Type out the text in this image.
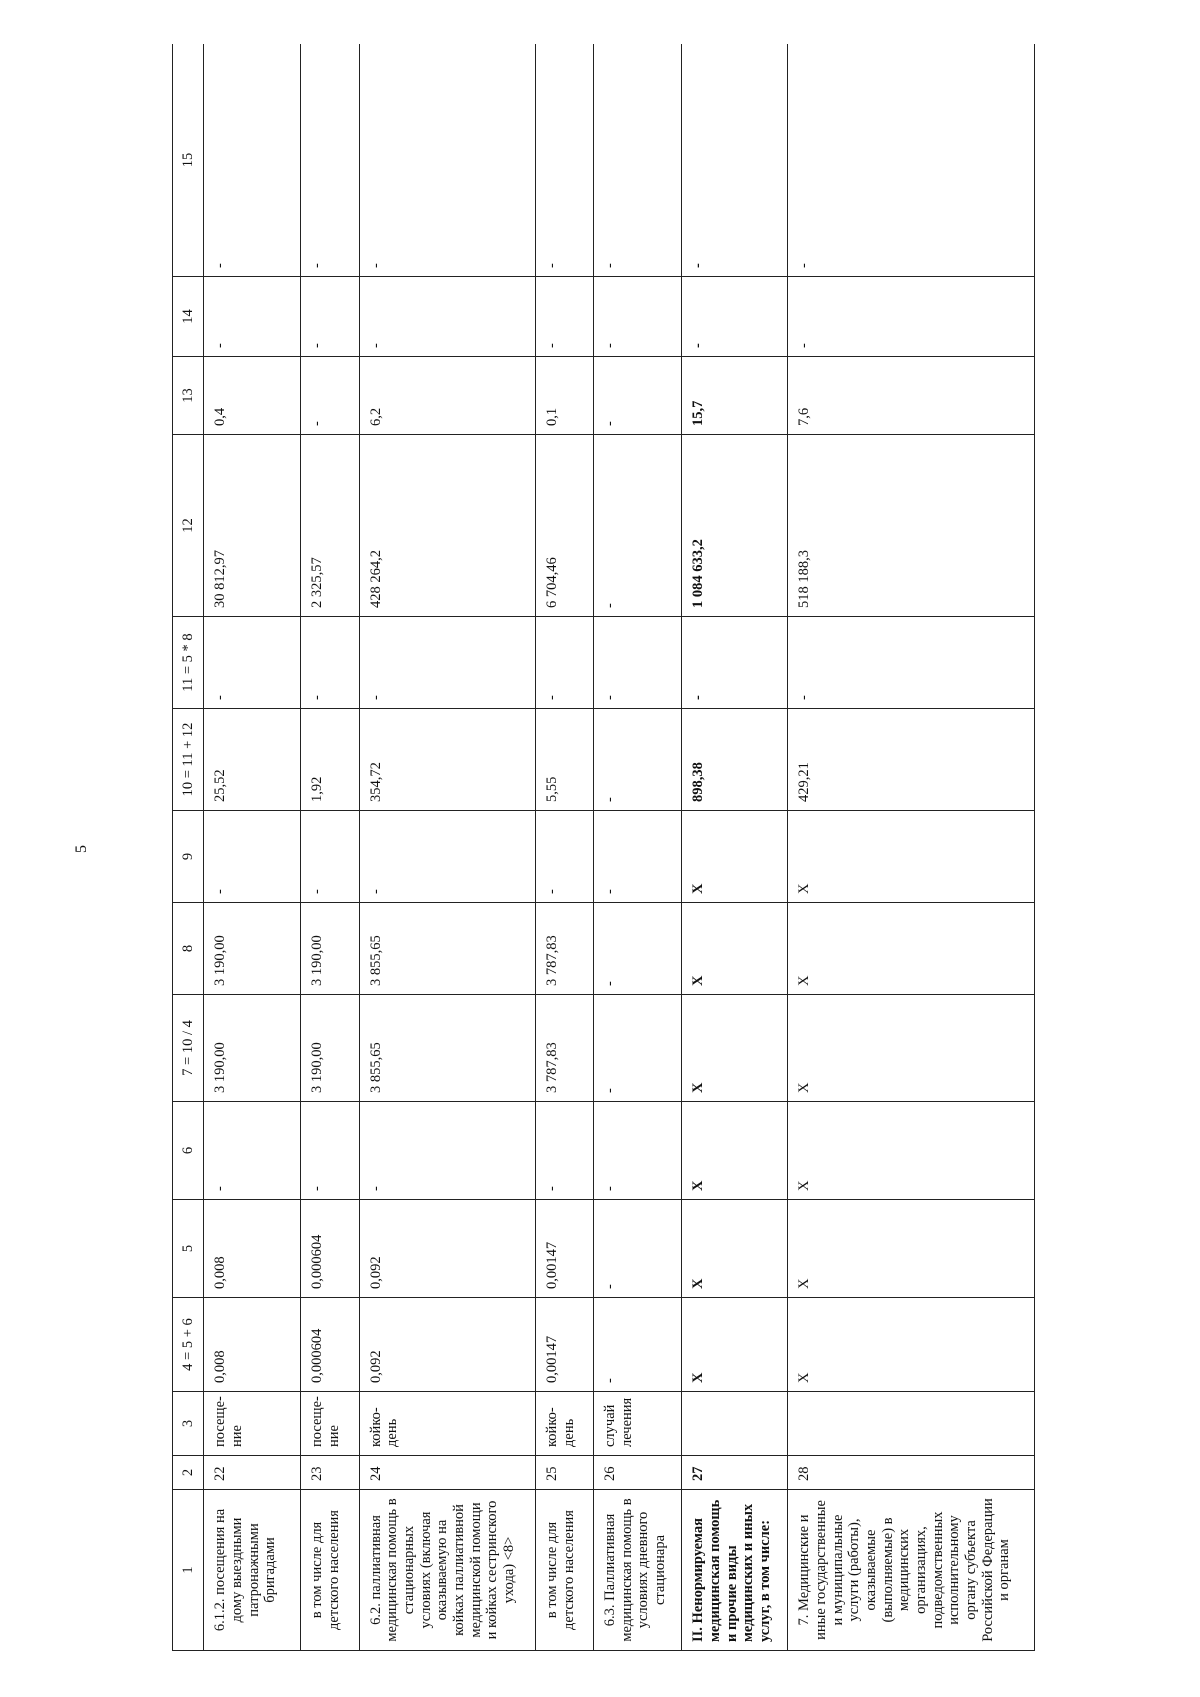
5
1	2	3	4 = 5 + 6	5	6	7 = 10 / 4	8	9	10 = 11 + 12	11 = 5 * 8	12	13	14	15
6.1.2. посещения на дому выездными патронажными бригадами	22	посеще-ние	0,008	0,008	-	3 190,00	3 190,00	-	25,52	-	30 812,97	0,4	-	-
в том числе для детского населения	23	посеще-ние	0,000604	0,000604	-	3 190,00	3 190,00	-	1,92	-	2 325,57	-	-	-
6.2. паллиативная медицинская помощь в стационарных условиях (включая оказываемую на койках паллиативной медицинской помощи и койках сестринского ухода) <8>	24	койко-день	0,092	0,092	-	3 855,65	3 855,65	-	354,72	-	428 264,2	6,2	-	-
в том числе для детского населения	25	койко-день	0,00147	0,00147	-	3 787,83	3 787,83	-	5,55	-	6 704,46	0,1	-	-
6.3. Паллиативная медицинская помощь в условиях дневного стационара	26	случай лечения	-	-	-	-	-	-	-	-	-	-	-	-
II. Ненормируемая медицинская помощь и прочие виды медицинских и иных услуг, в том числе:	27		X	X	X	X	X	X	898,38	-	1 084 633,2	15,7	-	-
7. Медицинские и иные государственные и муниципальные услуги (работы), оказываемые (выполняемые) в медицинских организациях, подведомственных исполнительному органу субъекта Российской Федерации и органам	28		X	X	X	X	X	X	429,21	-	518 188,3	7,6	-	-
